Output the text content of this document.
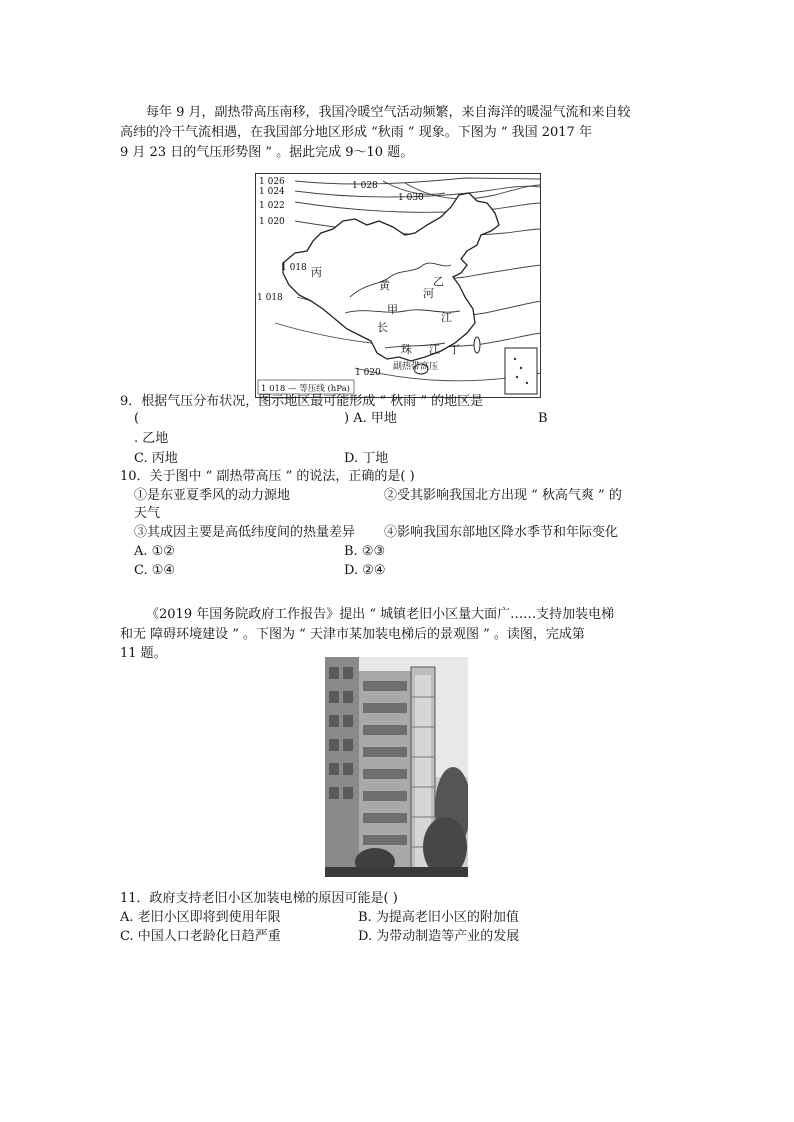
每年 9 月，副热带高压南移，我国冷暖空气活动频繁，来自海洋的暖湿气流和来自较
高纬的冷干气流相遇，在我国部分地区形成 “秋雨 ” 现象。下图为 “ 我国 2017 年
9 月 23 日的气压形势图 ” 。据此完成 9～10 题。
1 026
1 024
1 022
1 020
1 028
1 030
1 018
1 018
1 020
丙
乙
黄
河
甲
江
长
珠 江 丁
副热带高压
1 018 — 等压线 (hPa)
9．根据气压分布状况，图示地区最可能形成 “ 秋雨 ” 的地区是
(	) A. 甲地	B
. 乙地
C. 丙地	D. 丁地
10．关于图中 “ 副热带高压 ” 的说法，正确的是( )
①是东亚夏季风的动力源地	②受其影响我国北方出现 “ 秋高气爽 ” 的
天气
③其成因主要是高低纬度间的热量差异 ④影响我国东部地区降水季节和年际变化
A. ①②	B. ②③
C. ①④	D. ②④
《2019 年国务院政府工作报告》提出 “ 城镇老旧小区量大面广……支持加装电梯
和无 障碍环境建设 ” 。下图为 “ 天津市某加装电梯后的景观图 ” 。读图，完成第
11 题。
11．政府支持老旧小区加装电梯的原因可能是( )
A. 老旧小区即将到使用年限	B. 为提高老旧小区的附加值
C. 中国人口老龄化日趋严重	D. 为带动制造等产业的发展
